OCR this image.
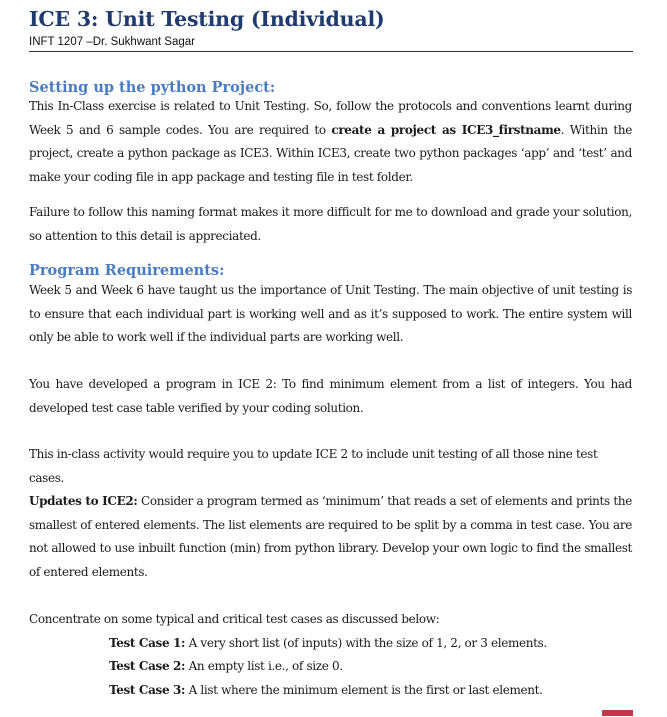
ICE 3: Unit Testing (Individual)

INFT 1207 –Dr. Sukhwant Sagar

Setting up the python Project:

This In-Class exercise is related to Unit Testing. So, follow the protocols and conventions learnt during Week 5 and 6 sample codes. You are required to create a project as ICE3_firstname. Within the project, create a python package as ICE3. Within ICE3, create two python packages ‘app’ and ‘test’ and make your coding file in app package and testing file in test folder.

Failure to follow this naming format makes it more difficult for me to download and grade your solution, so attention to this detail is appreciated.

Program Requirements:

Week 5 and Week 6 have taught us the importance of Unit Testing. The main objective of unit testing is to ensure that each individual part is working well and as it’s supposed to work. The entire system will only be able to work well if the individual parts are working well.

You have developed a program in ICE 2: To find minimum element from a list of integers. You had developed test case table verified by your coding solution.

This in-class activity would require you to update ICE 2 to include unit testing of all those nine test cases.

Updates to ICE2: Consider a program termed as ‘minimum’ that reads a set of elements and prints the smallest of entered elements. The list elements are required to be split by a comma in test case. You are not allowed to use inbuilt function (min) from python library. Develop your own logic to find the smallest of entered elements.

Concentrate on some typical and critical test cases as discussed below:

Test Case 1: A very short list (of inputs) with the size of 1, 2, or 3 elements.

Test Case 2: An empty list i.e., of size 0.

Test Case 3: A list where the minimum element is the first or last element.
